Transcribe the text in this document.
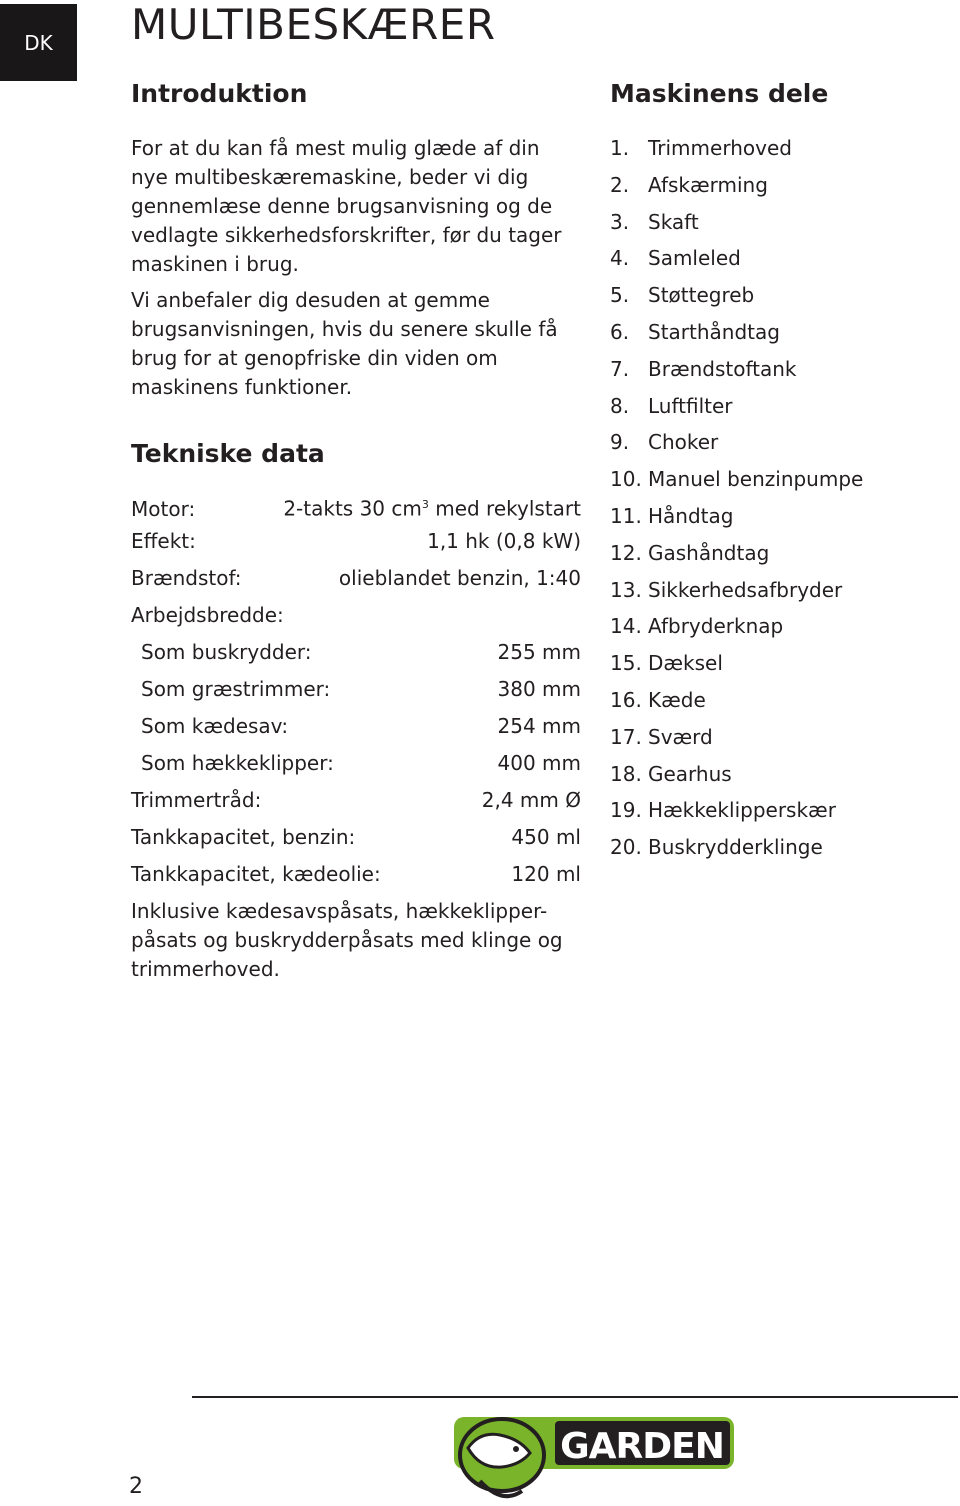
DK	MULTIBESKÆRER
Introduktion

For at du kan få mest mulig glæde af din nye multibeskæremaskine, beder vi dig gennemlæse denne brugsanvisning og de vedlagte sikkerhedsforskrifter, før du tager maskinen i brug.

Vi anbefaler dig desuden at gemme brugsanvisningen, hvis du senere skulle få brug for at genopfriske din viden om maskinens funktioner.

Tekniske data
Motor:	2-takts 30 $cm^3$ med rekylstart
Effekt:	1,1 hk (0,8 kW)
Brændstof:	olieblandet benzin, 1:40
Arbejdsbredde:
Som buskrydder:	255 mm
Som græstrimmer:	380 mm
Som kædesav:	254 mm
Som hækkeklipper:	400 mm
Trimmertråd:	2,4 mm Ø
Tankkapacitet, benzin:	450 ml
Tankkapacitet, kædeolie:	120 ml
Inklusive kædesavspåsats, hækkeklipper-påsats og buskrydderpåsats med klinge og trimmerhoved.
Maskinens dele
1. Trimmerhoved
2. Afskærming
3. Skaft
4. Samleled
5. Støttegreb
6. Starthåndtag
7. Brændstoftank
8. Luftfilter
9. Choker
10. Manuel benzinpumpe
11. Håndtag
12. Gashåndtag
13. Sikkerhedsafbryder
14. Afbryderknap
15. Dæksel
16. Kæde
17. Sværd
18. Gearhus
19. Hækkeklipperskær
20. Buskrydderklinge
2
GARDEN
